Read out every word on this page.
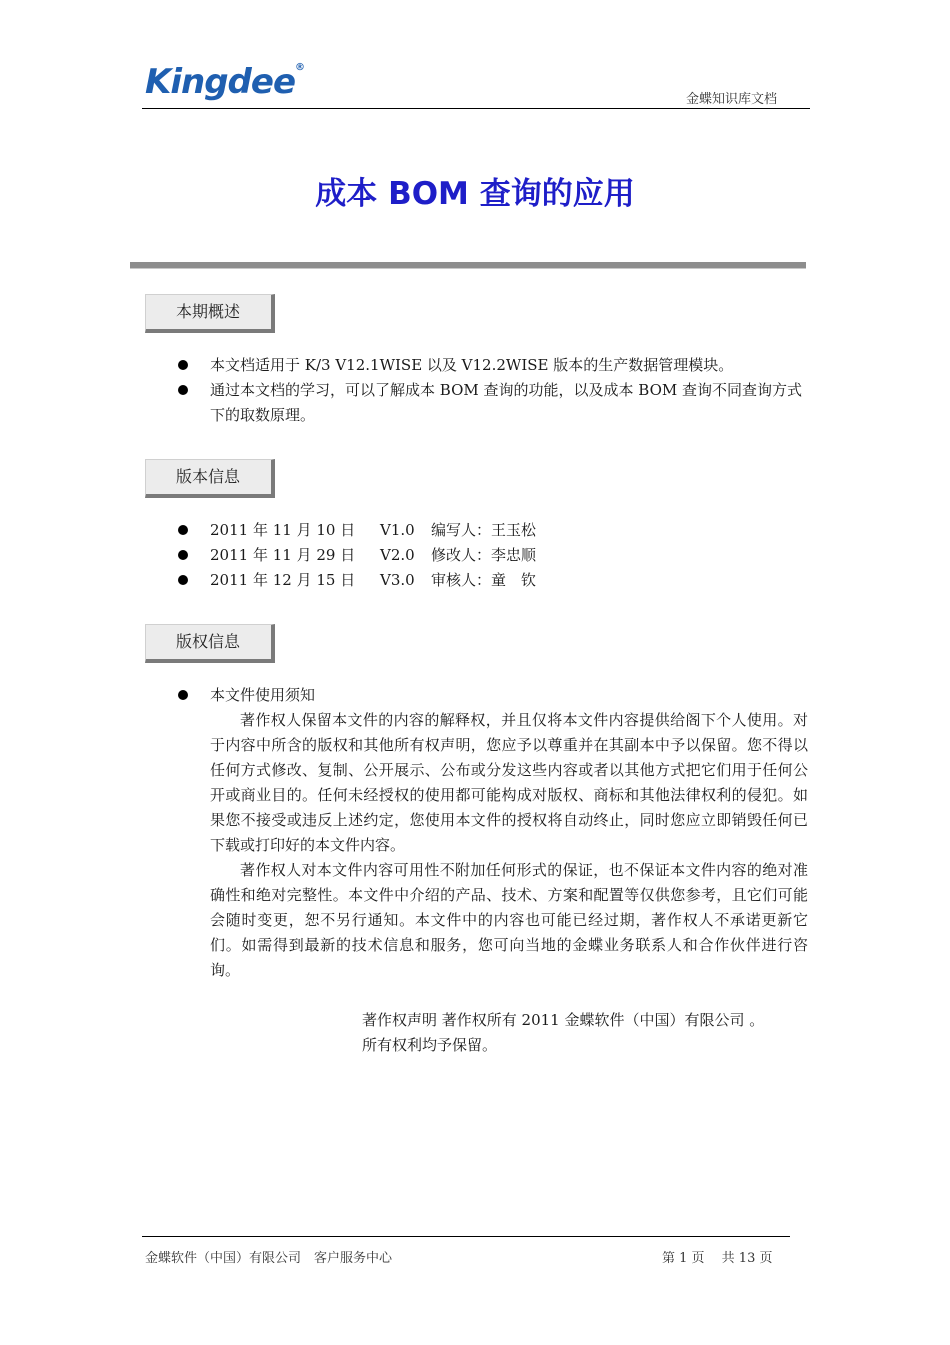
Kingdee®
金蝶知识库文档
成本 BOM 查询的应用
本期概述
本文档适用于 K/3 V12.1WISE 以及 V12.2WISE 版本的生产数据管理模块。
通过本文档的学习，可以了解成本 BOM 查询的功能，以及成本 BOM 查询不同查询方式下的取数原理。
版本信息
2011 年 11 月 10 日 V1.0 编写人：王玉松
2011 年 11 月 29 日 V2.0 修改人：李忠顺
2011 年 12 月 15 日 V3.0 审核人：童　钦
版权信息
本文件使用须知
著作权人保留本文件的内容的解释权，并且仅将本文件内容提供给阁下个人使用。对于内容中所含的版权和其他所有权声明，您应予以尊重并在其副本中予以保留。您不得以任何方式修改、复制、公开展示、公布或分发这些内容或者以其他方式把它们用于任何公开或商业目的。任何未经授权的使用都可能构成对版权、商标和其他法律权利的侵犯。如果您不接受或违反上述约定，您使用本文件的授权将自动终止，同时您应立即销毁任何已下载或打印好的本文件内容。
著作权人对本文件内容可用性不附加任何形式的保证，也不保证本文件内容的绝对准确性和绝对完整性。本文件中介绍的产品、技术、方案和配置等仅供您参考，且它们可能会随时变更，恕不另行通知。本文件中的内容也可能已经过期，著作权人不承诺更新它们。如需得到最新的技术信息和服务，您可向当地的金蝶业务联系人和合作伙伴进行咨询。
著作权声明 著作权所有 2011 金蝶软件（中国）有限公司 。
所有权利均予保留。
金蝶软件（中国）有限公司　客户服务中心	第 1 页　 共 13 页
